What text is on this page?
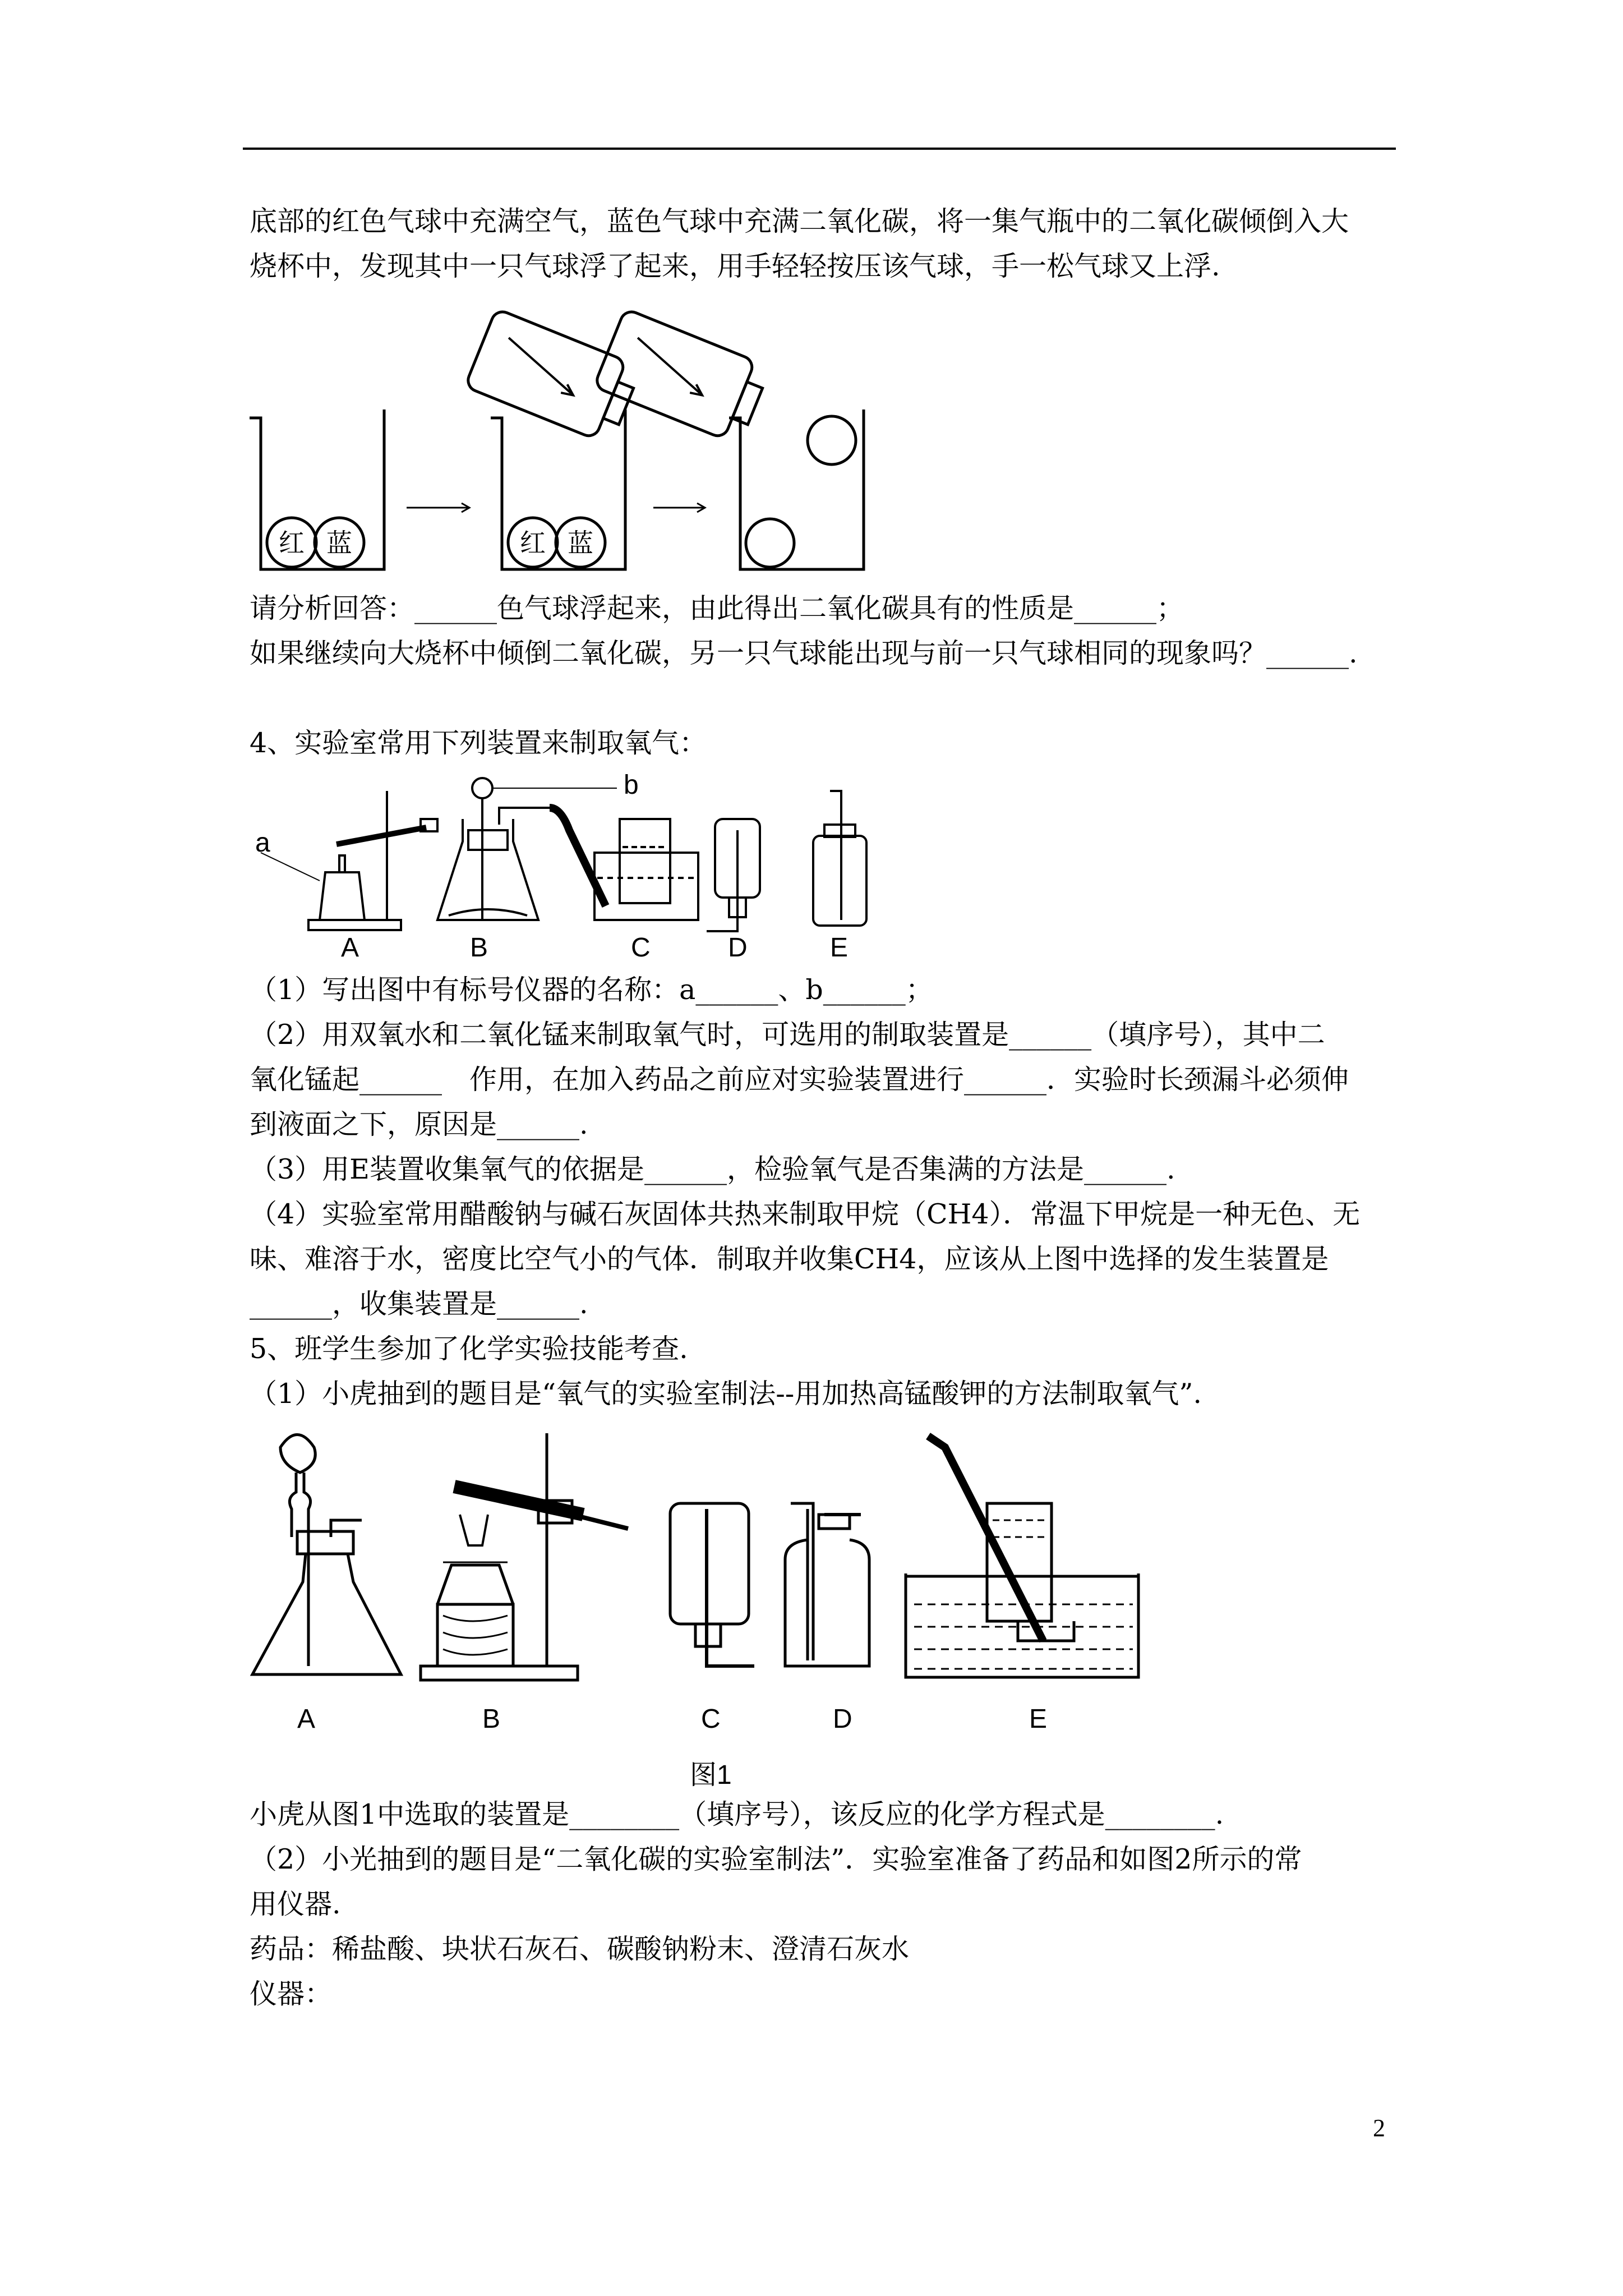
底部的红色气球中充满空气，蓝色气球中充满二氧化碳，将一集气瓶中的二氧化碳倾倒入大
烧杯中，发现其中一只气球浮了起来，用手轻轻按压该气球，手一松气球又上浮.
红 蓝	红 蓝
请分析回答：______色气球浮起来，由此得出二氧化碳具有的性质是______；
如果继续向大烧杯中倾倒二氧化碳，另一只气球能出现与前一只气球相同的现象吗？______.
4、实验室常用下列装置来制取氧气：
a
b
A	B	C	D	E
（1）写出图中有标号仪器的名称：a______、b______；
（2）用双氧水和二氧化锰来制取氧气时，可选用的制取装置是______（填序号），其中二
氧化锰起______　作用，在加入药品之前应对实验装置进行______．实验时长颈漏斗必须伸
到液面之下，原因是______.
（3）用E装置收集氧气的依据是______，检验氧气是否集满的方法是______.
（4）实验室常用醋酸钠与碱石灰固体共热来制取甲烷（CH4）．常温下甲烷是一种无色、无
味、难溶于水，密度比空气小的气体．制取并收集CH4，应该从上图中选择的发生装置是
______，收集装置是______.
5、班学生参加了化学实验技能考查.
（1）小虎抽到的题目是“氧气的实验室制法--用加热高锰酸钾的方法制取氧气”.
A	B	C	D	E
图1
小虎从图1中选取的装置是________（填序号），该反应的化学方程式是________.
（2）小光抽到的题目是“二氧化碳的实验室制法”．实验室准备了药品和如图2所示的常
用仪器.
药品：稀盐酸、块状石灰石、碳酸钠粉末、澄清石灰水
仪器：
2
